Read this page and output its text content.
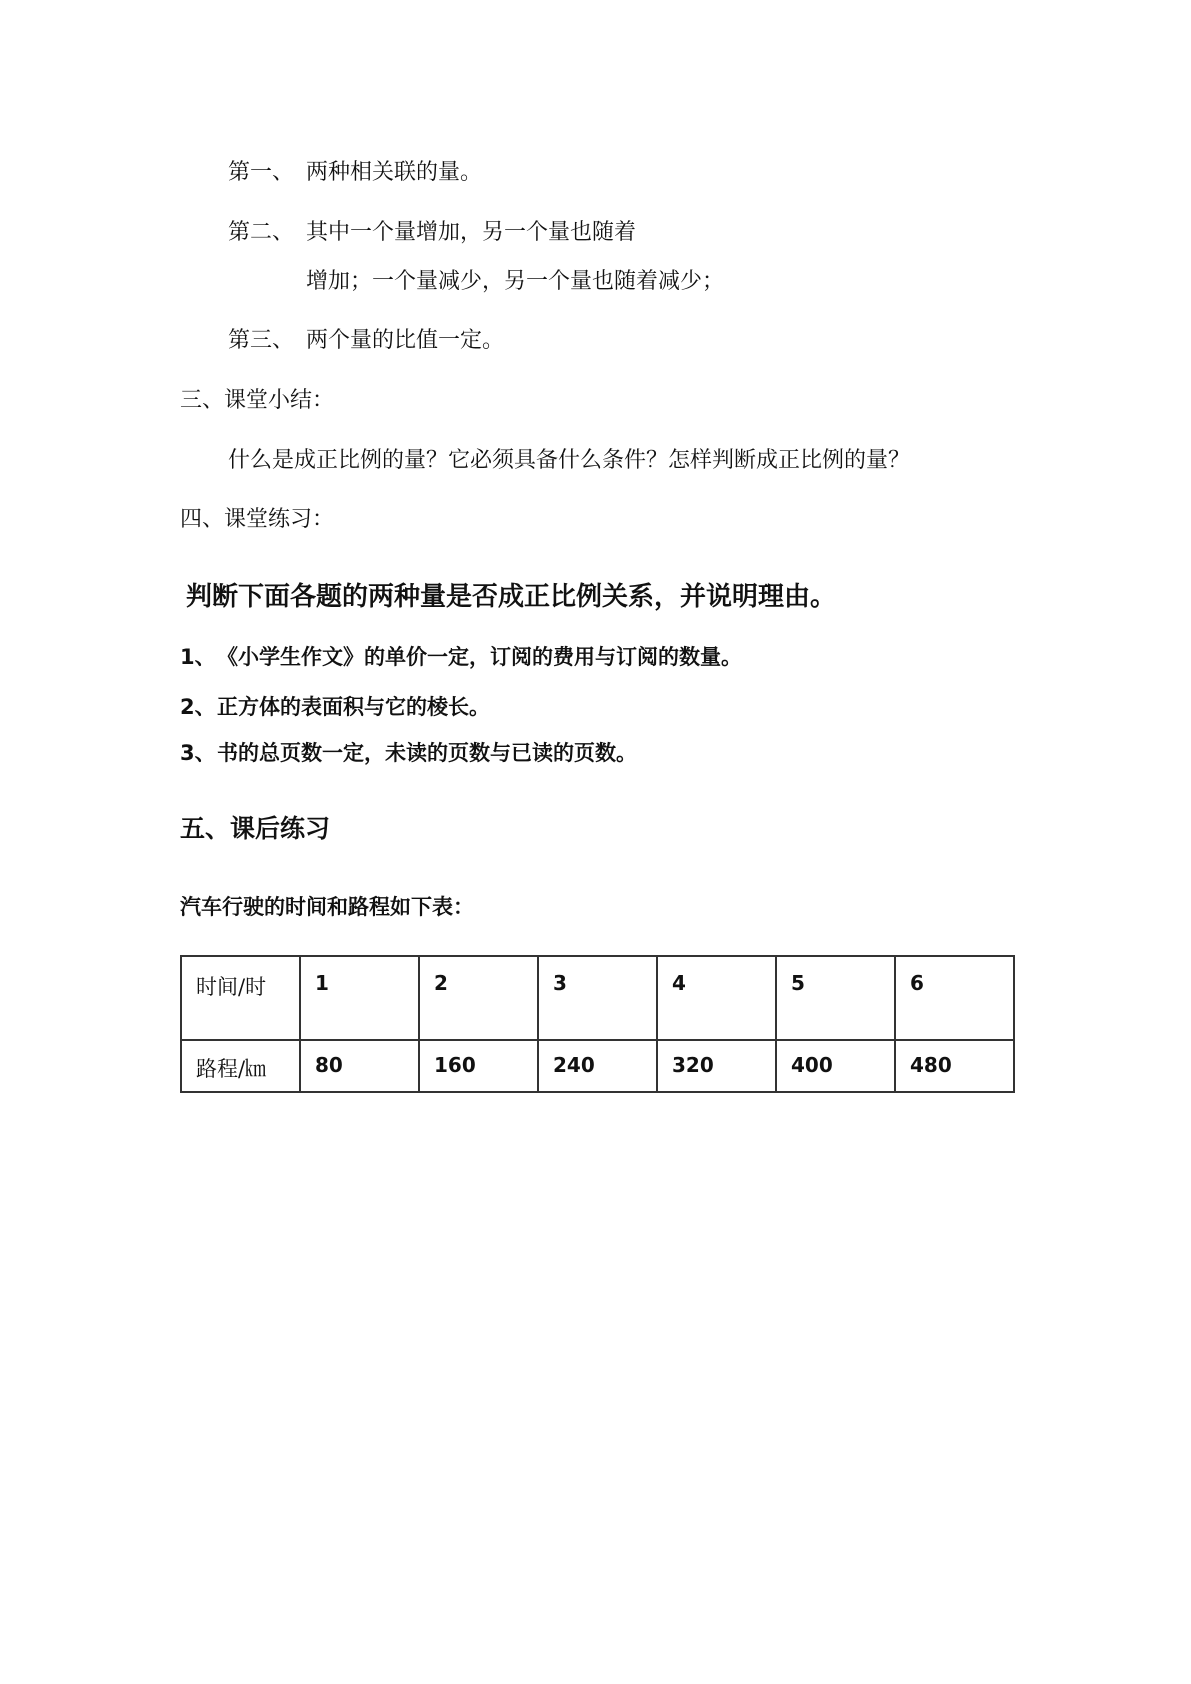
第一、 两种相关联的量。
第二、 其中一个量增加，另一个量也随着
增加；一个量减少，另一个量也随着减少；
第三、 两个量的比值一定。
三、课堂小结：
什么是成正比例的量？它必须具备什么条件？怎样判断成正比例的量？
四、课堂练习：
判断下面各题的两种量是否成正比例关系，并说明理由。
1、《小学生作文》的单价一定，订阅的费用与订阅的数量。
2、正方体的表面积与它的棱长。
3、书的总页数一定，未读的页数与已读的页数。
五、课后练习
汽车行驶的时间和路程如下表：
时间/时	1	2	3	4	5	6
路程/㎞	80	160	240	320	400	480
